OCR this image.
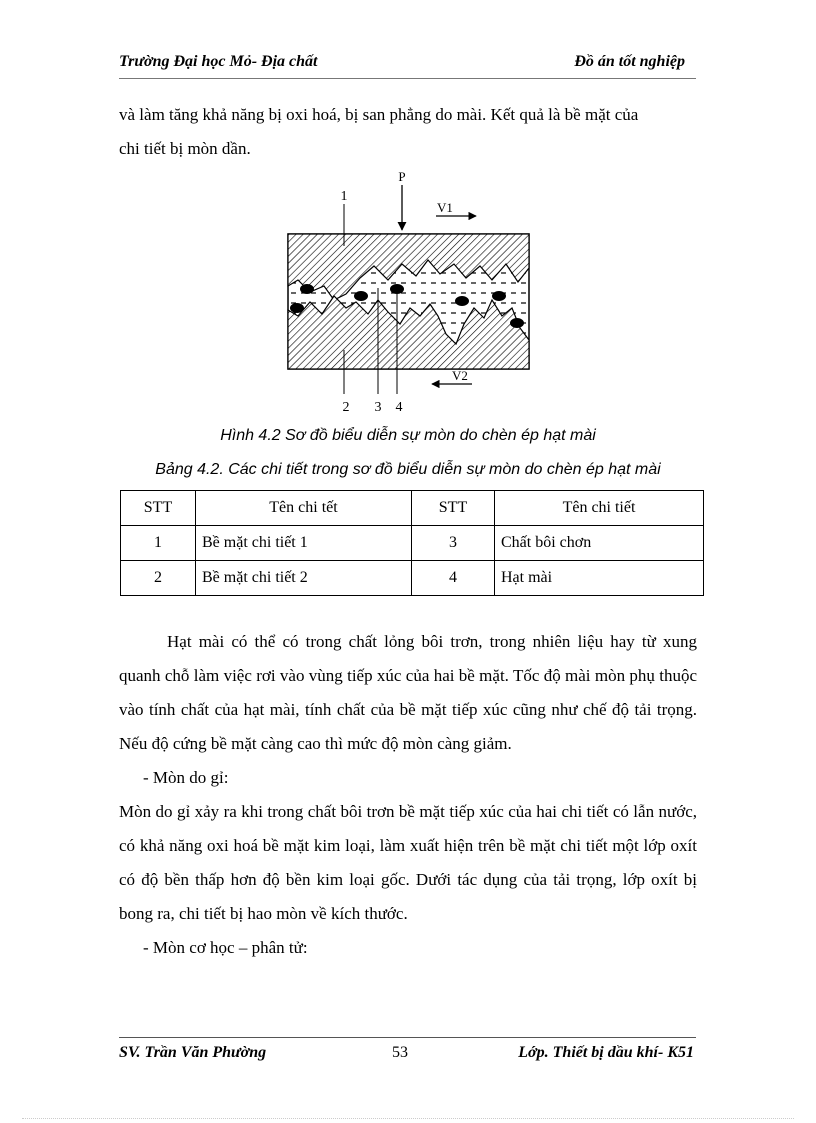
Trường Đại học Mỏ- Địa chất	Đồ án tốt nghiệp

và làm tăng khả năng bị oxi hoá, bị san phẳng do mài. Kết quả là bề mặt của

chi tiết bị mòn dần.

P
V1
V2
1
2 3 4
Hình 4.2 Sơ đồ biểu diễn sự mòn do chèn ép hạt mài
Bảng 4.2. Các chi tiết trong sơ đồ biểu diễn sự mòn do chèn ép hạt mài
STT	Tên chi tết	STT	Tên chi tiết
1	Bề mặt chi tiết 1	3	Chất bôi chơn
2	Bề mặt chi tiết 2	4	Hạt mài

Hạt mài có thể có trong chất lỏng bôi trơn, trong nhiên liệu hay từ xung quanh chỗ làm việc rơi vào vùng tiếp xúc của hai bề mặt. Tốc độ mài mòn phụ thuộc vào tính chất của hạt mài, tính chất của bề mặt tiếp xúc cũng như chế độ tải trọng. Nếu độ cứng bề mặt càng cao thì mức độ mòn càng giảm.

- Mòn do gỉ:

Mòn do gỉ xảy ra khi trong chất bôi trơn bề mặt tiếp xúc của hai chi tiết có lẫn nước, có khả năng oxi hoá bề mặt kim loại, làm xuất hiện trên bề mặt chi tiết một lớp oxít có độ bền thấp hơn độ bền kim loại gốc. Dưới tác dụng của tải trọng, lớp oxít bị bong ra, chi tiết bị hao mòn về kích thước.

- Mòn cơ học – phân tử:

SV. Trần Văn Phường	53	Lớp. Thiết bị dầu khí- K51
